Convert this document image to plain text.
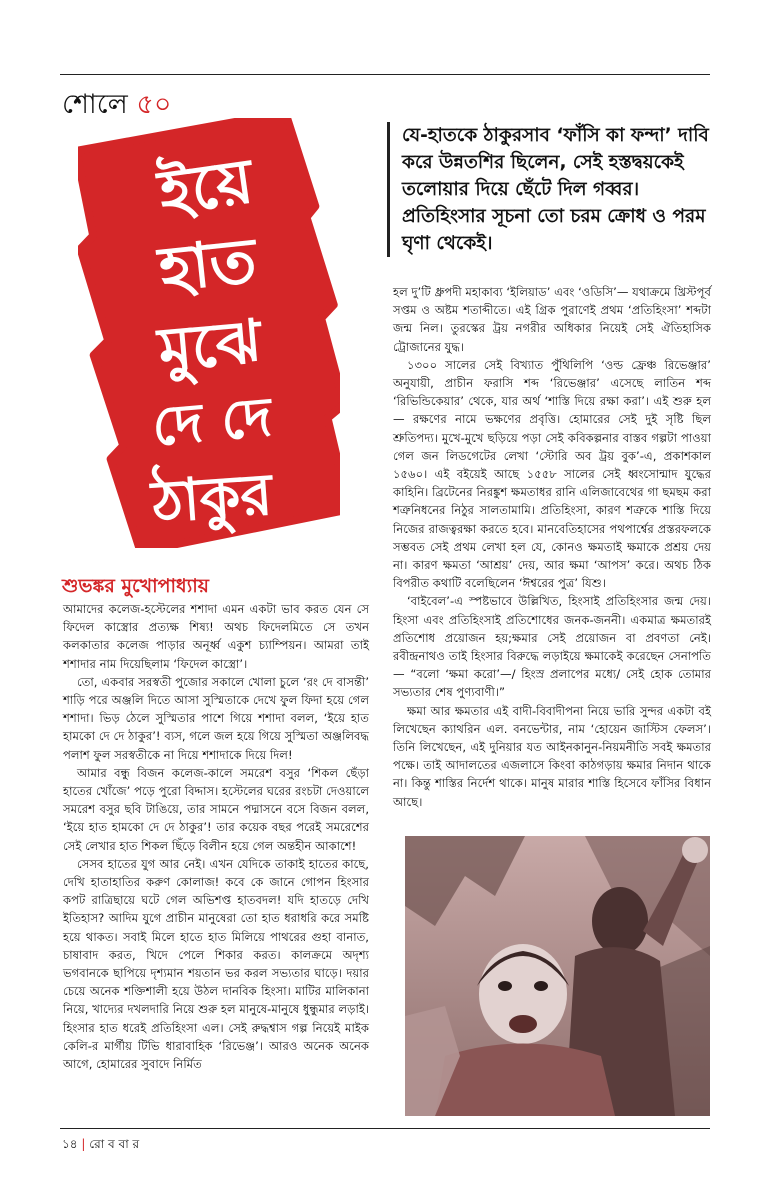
শোলে ৫০
ইয়ে
হাত
মুঝে
দে দে
ঠাকুর
যে-হাতকে ঠাকুরসাব ‘ফাঁসি কা ফন্দা’ দাবি করে উন্নতশির ছিলেন, সেই হস্তদ্বয়কেই তলোয়ার দিয়ে ছেঁটে দিল গব্বর। প্রতিহিংসার সূচনা তো চরম ক্রোধ ও পরম ঘৃণা থেকেই।
শুভঙ্কর মুখোপাধ্যায়

আমাদের কলেজ-হস্টেলের শশাদা এমন একটা ভাব করত যেন সে ফিদেল কাস্ত্রোর প্রত্যক্ষ শিষ্য! অথচ ফিদেলমিতে সে তখন কলকাতার কলেজ পাড়ার অনূর্ধ্ব একুশ চ্যাম্পিয়ন। আমরা তাই শশাদার নাম দিয়েছিলাম ‘ফিদেল কাস্ত্রো’।

তো, একবার সরস্বতী পুজোর সকালে খোলা চুলে ‘রং দে বাসন্তী’ শাড়ি পরে অঞ্জলি দিতে আসা সুস্মিতাকে দেখে ফুল ফিদা হয়ে গেল শশাদা। ভিড় ঠেলে সুস্মিতার পাশে গিয়ে শশাদা বলল, ‘ইয়ে হাত হামকো দে দে ঠাকুর’! ব্যস, গলে জল হয়ে গিয়ে সুস্মিতা অঞ্জলিবদ্ধ পলাশ ফুল সরস্বতীকে না দিয়ে শশাদাকে দিয়ে দিল!

আমার বন্ধু বিজন কলেজ-কালে সমরেশ বসুর ‘শিকল ছেঁড়া হাতের খোঁজে’ পড়ে পুরো বিদ্দাস। হস্টেলের ঘরের রংচটা দেওয়ালে সমরেশ বসুর ছবি টাঙিয়ে, তার সামনে পদ্মাসনে বসে বিজন বলল, ‘ইয়ে হাত হামকো দে দে ঠাকুর’! তার কয়েক বছর পরেই সমরেশের সেই লেখার হাত শিকল ছিঁড়ে বিলীন হয়ে গেল অন্তহীন আকাশে!

সেসব হাতের যুগ আর নেই। এখন যেদিকে তাকাই হাতের কাছে, দেখি হাতাহাতির করুণ কোলাজ! কবে কে জানে গোপন হিংসার কপট রাত্রিছায়ে ঘটে গেল অভিশপ্ত হাতবদল! যদি হাতড়ে দেখি ইতিহাস? আদিম যুগে প্রাচীন মানুষেরা তো হাত ধরাধরি করে সমষ্টি হয়ে থাকত। সবাই মিলে হাতে হাত মিলিয়ে পাথরের গুহা বানাত, চাষাবাদ করত, খিদে পেলে শিকার করত। কালক্রমে অদৃশ্য ভগবানকে ছাপিয়ে দৃশ্যমান শয়তান ভর করল সভ্যতার ঘাড়ে। দয়ার চেয়ে অনেক শক্তিশালী হয়ে উঠল দানবিক হিংসা। মাটির মালিকানা নিয়ে, খাদ্যের দখলদারি নিয়ে শুরু হল মানুষে-মানুষে ধুন্ধুমার লড়াই। হিংসার হাত ধরেই প্রতিহিংসা এল। সেই রুদ্ধশ্বাস গল্প নিয়েই মাইক কেলি-র মার্গীয় টিভি ধারাবাহিক ‘রিভেঞ্জ’। আরও অনেক অনেক আগে, হোমারের সুবাদে নির্মিত

হল দু’টি ধ্রুপদী মহাকাব্য ‘ইলিয়াড’ এবং ‘ওডিসি’— যথাক্রমে খ্রিস্টপূর্ব সপ্তম ও অষ্টম শতাব্দীতে। এই গ্রিক পুরাণেই প্রথম ‘প্রতিহিংসা’ শব্দটা জন্ম নিল। তুরস্কের ট্রয় নগরীর অধিকার নিয়েই সেই ঐতিহাসিক ট্রোজানের যুদ্ধ।

১৩০০ সালের সেই বিখ্যাত পুঁথিলিপি ‘ওল্ড ফ্রেঞ্চ রিভেঞ্জার’ অনুযায়ী, প্রাচীন ফরাসি শব্দ ‘রিভেঞ্জার’ এসেছে লাতিন শব্দ ‘রিভিন্ডিকেয়ার’ থেকে, যার অর্থ ‘শাস্তি দিয়ে রক্ষা করা’। এই শুরু হল— রক্ষণের নামে ভক্ষণের প্রবৃত্তি। হোমারের সেই দুই সৃষ্টি ছিল শ্রুতিপদ্য। মুখে-মুখে ছড়িয়ে পড়া সেই কবিকল্পনার বাস্তব গল্পটা পাওয়া গেল জন লিডগেটের লেখা ‘স্টোরি অব ট্রয় বুক’-এ, প্রকাশকাল ১৫৬০। এই বইয়েই আছে ১৫৫৮ সালের সেই ধ্বংসোন্মাদ যুদ্ধের কাহিনি। ব্রিটেনের নিরঙ্কুশ ক্ষমতাধর রানি এলিজাবেথের গা ছমছম করা শত্রুনিধনের নিঠুর সালতামামি। প্রতিহিংসা, কারণ শত্রুকে শাস্তি দিয়ে নিজের রাজত্বরক্ষা করতে হবে। মানবেতিহাসের পথপার্শ্বের প্রস্তরফলকে সম্ভবত সেই প্রথম লেখা হল যে, কোনও ক্ষমতাই ক্ষমাকে প্রশ্রয় দেয় না। কারণ ক্ষমতা ‘আশ্রয়’ দেয়, আর ক্ষমা ‘আপস’ করে। অথচ ঠিক বিপরীত কথাটি বলেছিলেন ‘ঈশ্বরের পুত্র’ যিশু।

‘বাইবেল’-এ স্পষ্টভাবে উল্লিখিত, হিংসাই প্রতিহিংসার জন্ম দেয়। হিংসা এবং প্রতিহিংসাই প্রতিশোধের জনক-জননী। একমাত্র ক্ষমতারই প্রতিশোধ প্রয়োজন হয়;ক্ষমার সেই প্রয়োজন বা প্রবণতা নেই। রবীন্দ্রনাথও তাই হিংসার বিরুদ্ধে লড়াইয়ে ক্ষমাকেই করেছেন সেনাপতি— “বলো ‘ক্ষমা করো’—/ হিংস্র প্রলাপের মধ্যে/ সেই হোক তোমার সভ্যতার শেষ পুণ্যবাণী।”

ক্ষমা আর ক্ষমতার এই বাদী-বিবাদীপনা নিয়ে ভারি সুন্দর একটা বই লিখেছেন ক্যাথরিন এল. বনভেন্টার, নাম ‘হোয়েন জাস্টিস ফেলস’। তিনি লিখেছেন, এই দুনিয়ার যত আইনকানুন-নিয়মনীতি সবই ক্ষমতার পক্ষে। তাই আদালতের এজলাসে কিংবা কাঠগড়ায় ক্ষমার নিদান থাকে না। কিন্তু শাস্তির নির্দেশ থাকে। মানুষ মারার শাস্তি হিসেবে ফাঁসির বিধান আছে।

১৪ | রো ব বা র
